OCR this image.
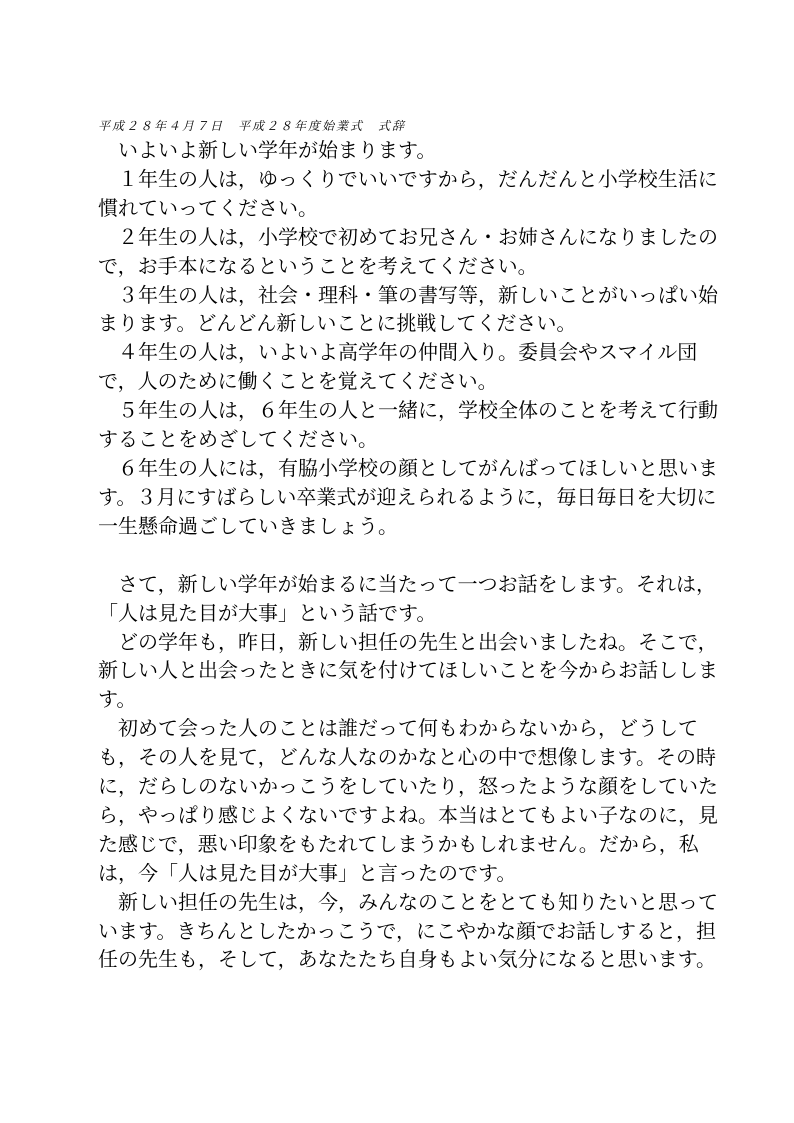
平成２８年４月７日　平成２８年度始業式　式辞

いよいよ新しい学年が始まります。

１年生の人は，ゆっくりでいいですから，だんだんと小学校生活に慣れていってください。

２年生の人は，小学校で初めてお兄さん・お姉さんになりましたので，お手本になるということを考えてください。

３年生の人は，社会・理科・筆の書写等，新しいことがいっぱい始まります。どんどん新しいことに挑戦してください。

４年生の人は，いよいよ高学年の仲間入り。委員会やスマイル団で，人のために働くことを覚えてください。

５年生の人は，６年生の人と一緒に，学校全体のことを考えて行動することをめざしてください。

６年生の人には，有脇小学校の顔としてがんばってほしいと思います。３月にすばらしい卒業式が迎えられるように，毎日毎日を大切に一生懸命過ごしていきましょう。

さて，新しい学年が始まるに当たって一つお話をします。それは，「人は見た目が大事」という話です。

どの学年も，昨日，新しい担任の先生と出会いましたね。そこで，新しい人と出会ったときに気を付けてほしいことを今からお話しします。

初めて会った人のことは誰だって何もわからないから，どうしても，その人を見て，どんな人なのかなと心の中で想像します。その時に，だらしのないかっこうをしていたり，怒ったような顔をしていたら，やっぱり感じよくないですよね。本当はとてもよい子なのに，見た感じで，悪い印象をもたれてしまうかもしれません。だから，私は，今「人は見た目が大事」と言ったのです。

新しい担任の先生は，今，みんなのことをとても知りたいと思っています。きちんとしたかっこうで，にこやかな顔でお話しすると，担任の先生も，そして，あなたたち自身もよい気分になると思います。
